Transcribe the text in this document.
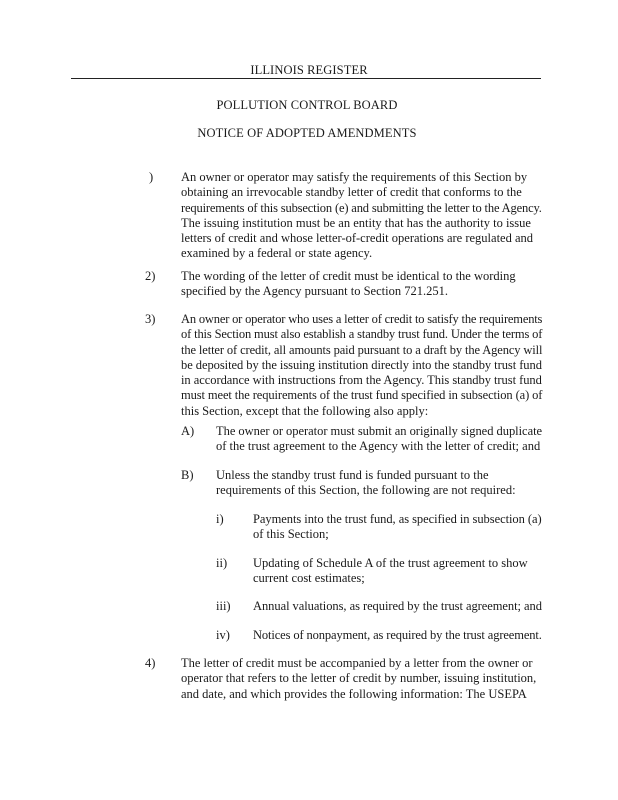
ILLINOIS REGISTER
POLLUTION CONTROL BOARD
NOTICE OF ADOPTED AMENDMENTS
) An owner or operator may satisfy the requirements of this Section by
obtaining an irrevocable standby letter of credit that conforms to the
requirements of this subsection (e) and submitting the letter to the Agency.
The issuing institution must be an entity that has the authority to issue
letters of credit and whose letter-of-credit operations are regulated and
examined by a federal or state agency.
2) The wording of the letter of credit must be identical to the wording
specified by the Agency pursuant to Section 721.251.
3) An owner or operator who uses a letter of credit to satisfy the requirements
of this Section must also establish a standby trust fund. Under the terms of
the letter of credit, all amounts paid pursuant to a draft by the Agency will
be deposited by the issuing institution directly into the standby trust fund
in accordance with instructions from the Agency. This standby trust fund
must meet the requirements of the trust fund specified in subsection (a) of
this Section, except that the following also apply:
A) The owner or operator must submit an originally signed duplicate
of the trust agreement to the Agency with the letter of credit; and
B) Unless the standby trust fund is funded pursuant to the
requirements of this Section, the following are not required:
i) Payments into the trust fund, as specified in subsection (a)
of this Section;
ii) Updating of Schedule A of the trust agreement to show
current cost estimates;
iii) Annual valuations, as required by the trust agreement; and
iv) Notices of nonpayment, as required by the trust agreement.
4) The letter of credit must be accompanied by a letter from the owner or
operator that refers to the letter of credit by number, issuing institution,
and date, and which provides the following information: The USEPA
